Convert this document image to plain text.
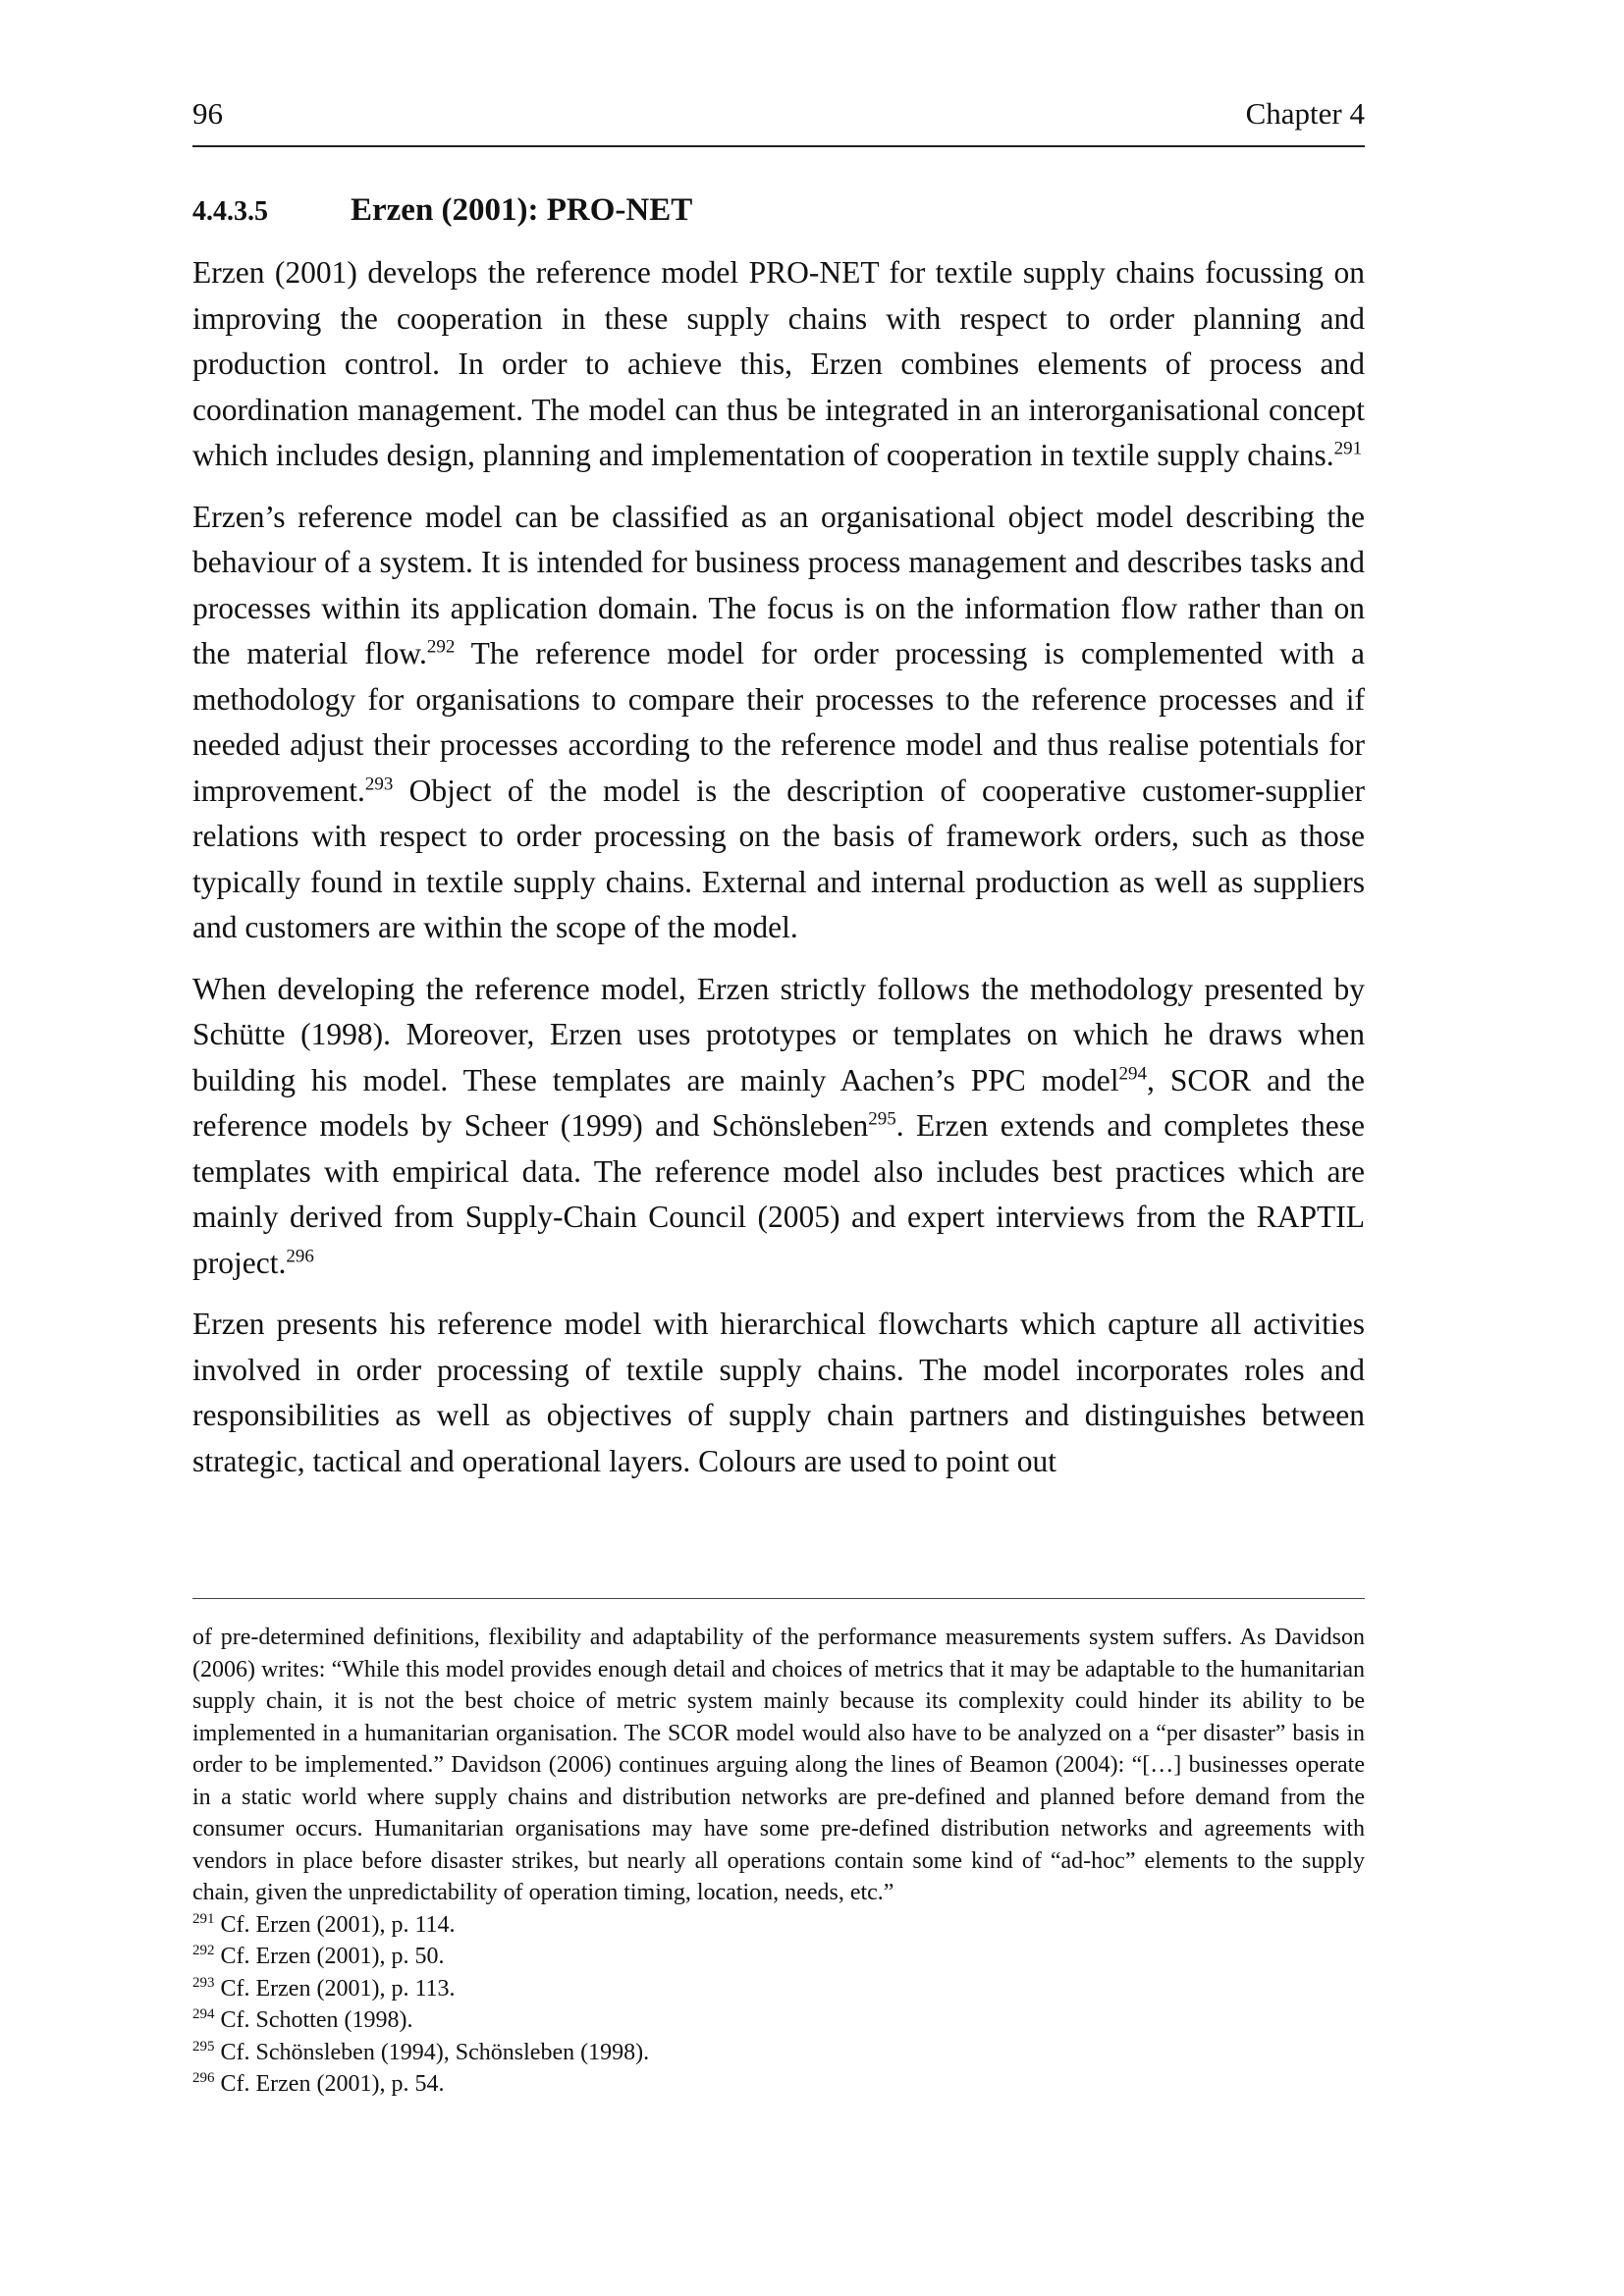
96	Chapter 4
4.4.3.5	Erzen (2001): PRO-NET

Erzen (2001) develops the reference model PRO-NET for textile supply chains focussing on improving the cooperation in these supply chains with respect to order planning and production control. In order to achieve this, Erzen combines elements of process and coordination management. The model can thus be integrated in an interorganisational concept which includes design, planning and implementation of cooperation in textile supply chains.$^{291}$

Erzen’s reference model can be classified as an organisational object model describing the behaviour of a system. It is intended for business process management and describes tasks and processes within its application domain. The focus is on the information flow rather than on the material flow.$^{292}$ The reference model for order processing is complemented with a methodology for organisations to compare their processes to the reference processes and if needed adjust their processes according to the reference model and thus realise potentials for improvement.$^{293}$ Object of the model is the description of cooperative customer-supplier relations with respect to order processing on the basis of framework orders, such as those typically found in textile supply chains. External and internal production as well as suppliers and customers are within the scope of the model.

When developing the reference model, Erzen strictly follows the methodology presented by Schütte (1998). Moreover, Erzen uses prototypes or templates on which he draws when building his model. These templates are mainly Aachen’s PPC model$^{294}$, SCOR and the reference models by Scheer (1999) and Schönsleben$^{295}$. Erzen extends and completes these templates with empirical data. The reference model also includes best practices which are mainly derived from Supply-Chain Council (2005) and expert interviews from the RAPTIL project.$^{296}$

Erzen presents his reference model with hierarchical flowcharts which capture all activities involved in order processing of textile supply chains. The model incorporates roles and responsibilities as well as objectives of supply chain partners and distinguishes between strategic, tactical and operational layers. Colours are used to point out

of pre-determined definitions, flexibility and adaptability of the performance measurements system suffers. As Davidson (2006) writes: “While this model provides enough detail and choices of metrics that it may be adaptable to the humanitarian supply chain, it is not the best choice of metric system mainly because its complexity could hinder its ability to be implemented in a humanitarian organisation. The SCOR model would also have to be analyzed on a “per disaster” basis in order to be implemented.” Davidson (2006) continues arguing along the lines of Beamon (2004): “[…] businesses operate in a static world where supply chains and distribution networks are pre-defined and planned before demand from the consumer occurs. Humanitarian organisations may have some pre-defined distribution networks and agreements with vendors in place before disaster strikes, but nearly all operations contain some kind of “ad-hoc” elements to the supply chain, given the unpredictability of operation timing, location, needs, etc.”

$^{291}$ Cf. Erzen (2001), p. 114.

$^{292}$ Cf. Erzen (2001), p. 50.

$^{293}$ Cf. Erzen (2001), p. 113.

$^{294}$ Cf. Schotten (1998).

$^{295}$ Cf. Schönsleben (1994), Schönsleben (1998).

$^{296}$ Cf. Erzen (2001), p. 54.
